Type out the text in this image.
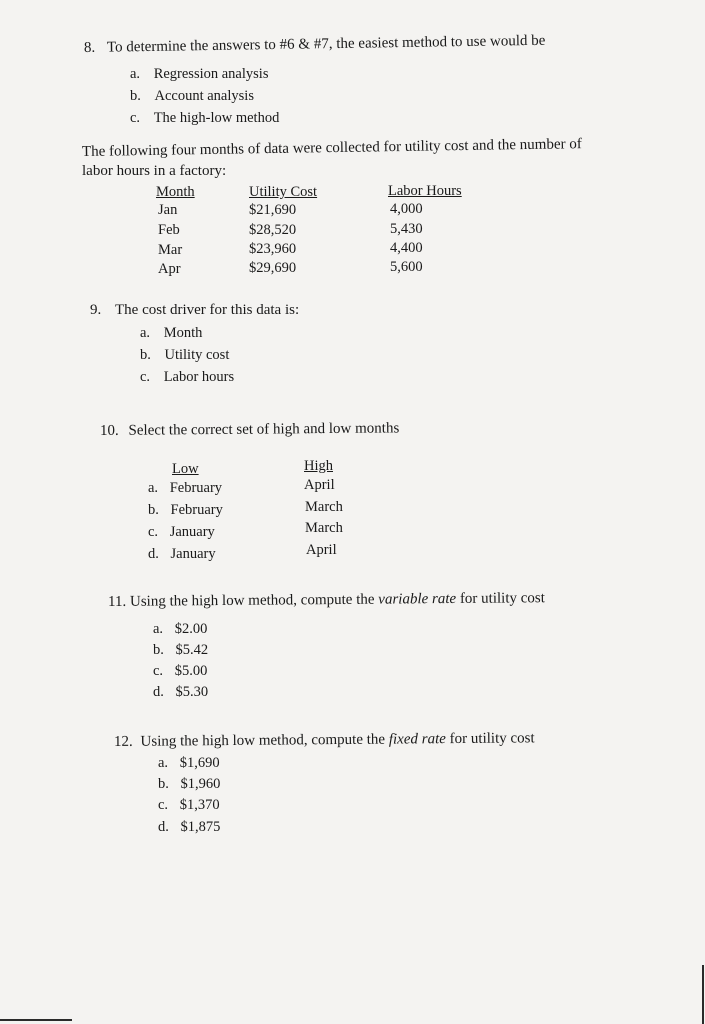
8. To determine the answers to #6 & #7, the easiest method to use would be
a. Regression analysis
b. Account analysis
c. The high-low method
The following four months of data were collected for utility cost and the number of
labor hours in a factory:
Month	Utility Cost	Labor Hours
Jan	$21,690	4,000
Feb	$28,520	5,430
Mar	$23,960	4,400
Apr	$29,690	5,600
9. The cost driver for this data is:
a. Month
b. Utility cost
c. Labor hours
10. Select the correct set of high and low months
Low	High
a. February	April
b. February	March
c. January	March
d. January	April
11. Using the high low method, compute the variable rate for utility cost
a. $2.00
b. $5.42
c. $5.00
d. $5.30
12. Using the high low method, compute the fixed rate for utility cost
a. $1,690
b. $1,960
c. $1,370
d. $1,875
